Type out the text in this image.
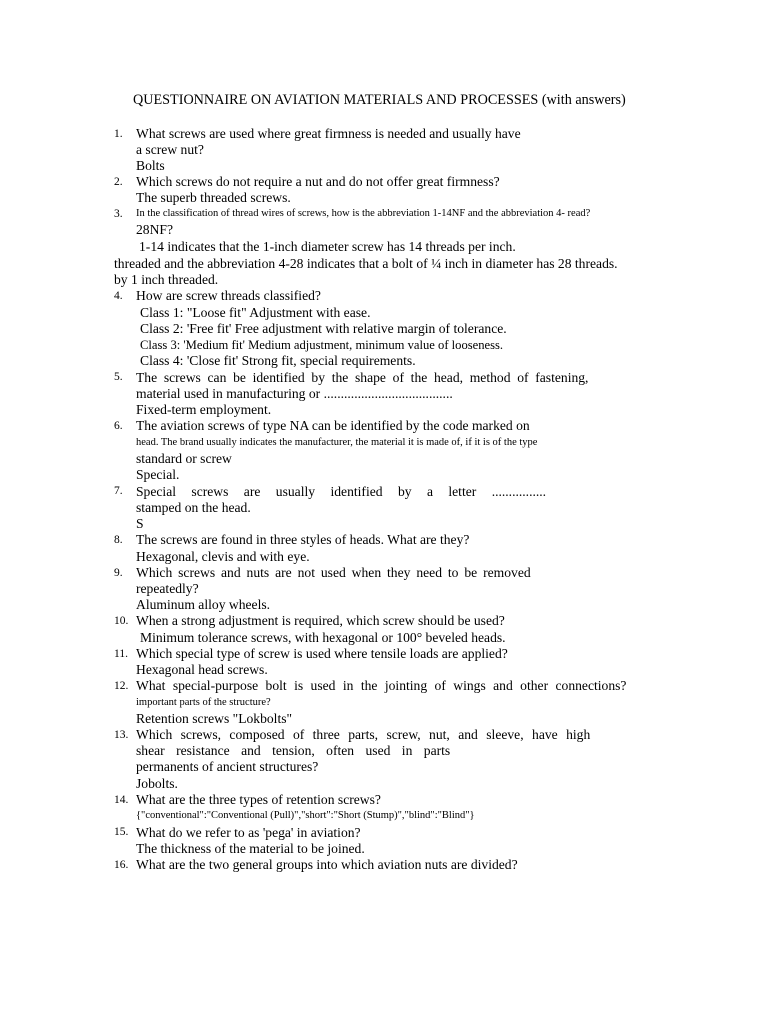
QUESTIONNAIRE ON AVIATION MATERIALS AND PROCESSES (with answers)
1.
2.
3.
4.
5.
6.
7.
8.
9.
10.
11.
12.
13.
14.
15.
16.
What screws are used where great firmness is needed and usually have
a screw nut?
Bolts
Which screws do not require a nut and do not offer great firmness?
The superb threaded screws.
In the classification of thread wires of screws, how is the abbreviation 1-14NF and the abbreviation 4- read?
28NF?
1-14 indicates that the 1-inch diameter screw has 14 threads per inch.
threaded and the abbreviation 4-28 indicates that a bolt of ¼ inch in diameter has 28 threads.
by 1 inch threaded.
How are screw threads classified?
Class 1: "Loose fit" Adjustment with ease.
Class 2: 'Free fit' Free adjustment with relative margin of tolerance.
Class 3: 'Medium fit' Medium adjustment, minimum value of looseness.
Class 4: 'Close fit' Strong fit, special requirements.
The screws can be identified by the shape of the head, method of fastening,
material used in manufacturing or ......................................
Fixed-term employment.
The aviation screws of type NA can be identified by the code marked on
head. The brand usually indicates the manufacturer, the material it is made of, if it is of the type
standard or screw
Special.
Special screws are usually identified by a letter ................
stamped on the head.
S
The screws are found in three styles of heads. What are they?
Hexagonal, clevis and with eye.
Which screws and nuts are not used when they need to be removed
repeatedly?
Aluminum alloy wheels.
When a strong adjustment is required, which screw should be used?
Minimum tolerance screws, with hexagonal or 100° beveled heads.
Which special type of screw is used where tensile loads are applied?
Hexagonal head screws.
What special-purpose bolt is used in the jointing of wings and other connections?
important parts of the structure?
Retention screws "Lokbolts"
Which screws, composed of three parts, screw, nut, and sleeve, have high
shear resistance and tension, often used in parts
permanents of ancient structures?
Jobolts.
What are the three types of retention screws?
{"conventional":"Conventional (Pull)","short":"Short (Stump)","blind":"Blind"}
What do we refer to as 'pega' in aviation?
The thickness of the material to be joined.
What are the two general groups into which aviation nuts are divided?
